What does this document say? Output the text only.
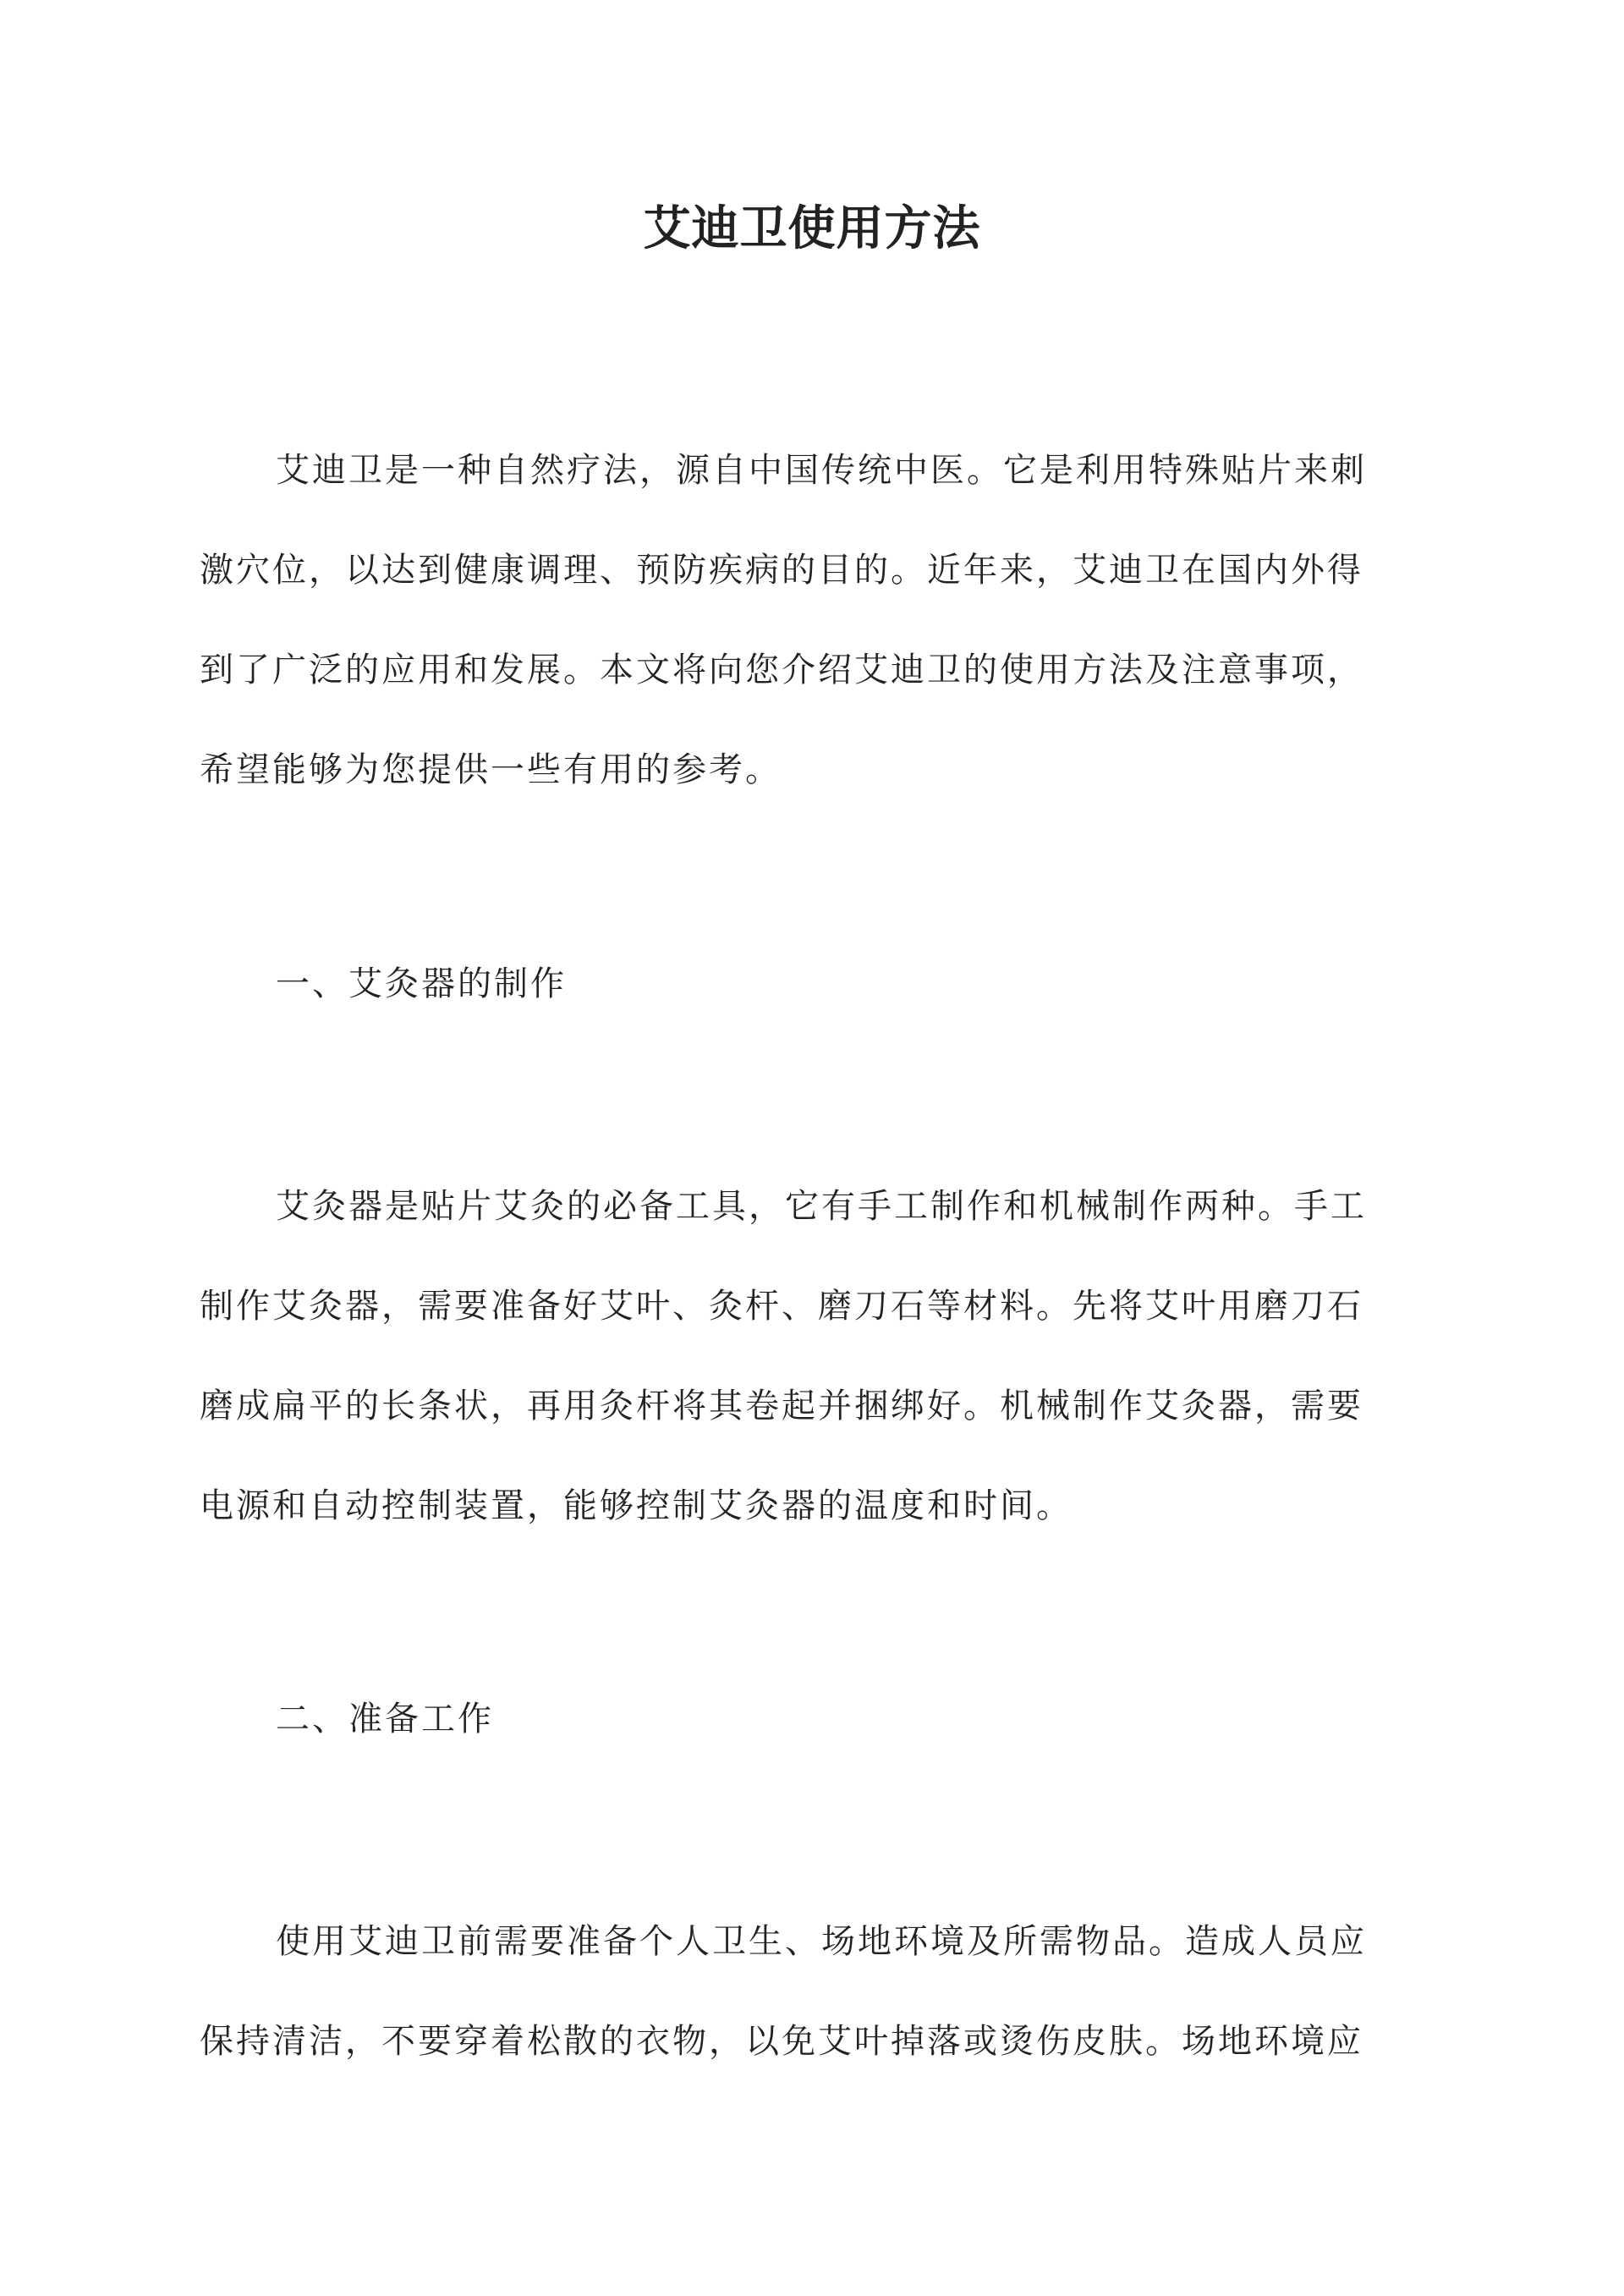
艾迪卫使用方法

艾迪卫是一种自然疗法，源自中国传统中医。它是利用特殊贴片来刺
激穴位，以达到健康调理、预防疾病的目的。近年来，艾迪卫在国内外得
到了广泛的应用和发展。本文将向您介绍艾迪卫的使用方法及注意事项，
希望能够为您提供一些有用的参考。

一、艾灸器的制作

艾灸器是贴片艾灸的必备工具，它有手工制作和机械制作两种。手工
制作艾灸器，需要准备好艾叶、灸杆、磨刀石等材料。先将艾叶用磨刀石
磨成扁平的长条状，再用灸杆将其卷起并捆绑好。机械制作艾灸器，需要
电源和自动控制装置，能够控制艾灸器的温度和时间。

二、准备工作

使用艾迪卫前需要准备个人卫生、场地环境及所需物品。造成人员应
保持清洁，不要穿着松散的衣物，以免艾叶掉落或烫伤皮肤。场地环境应
